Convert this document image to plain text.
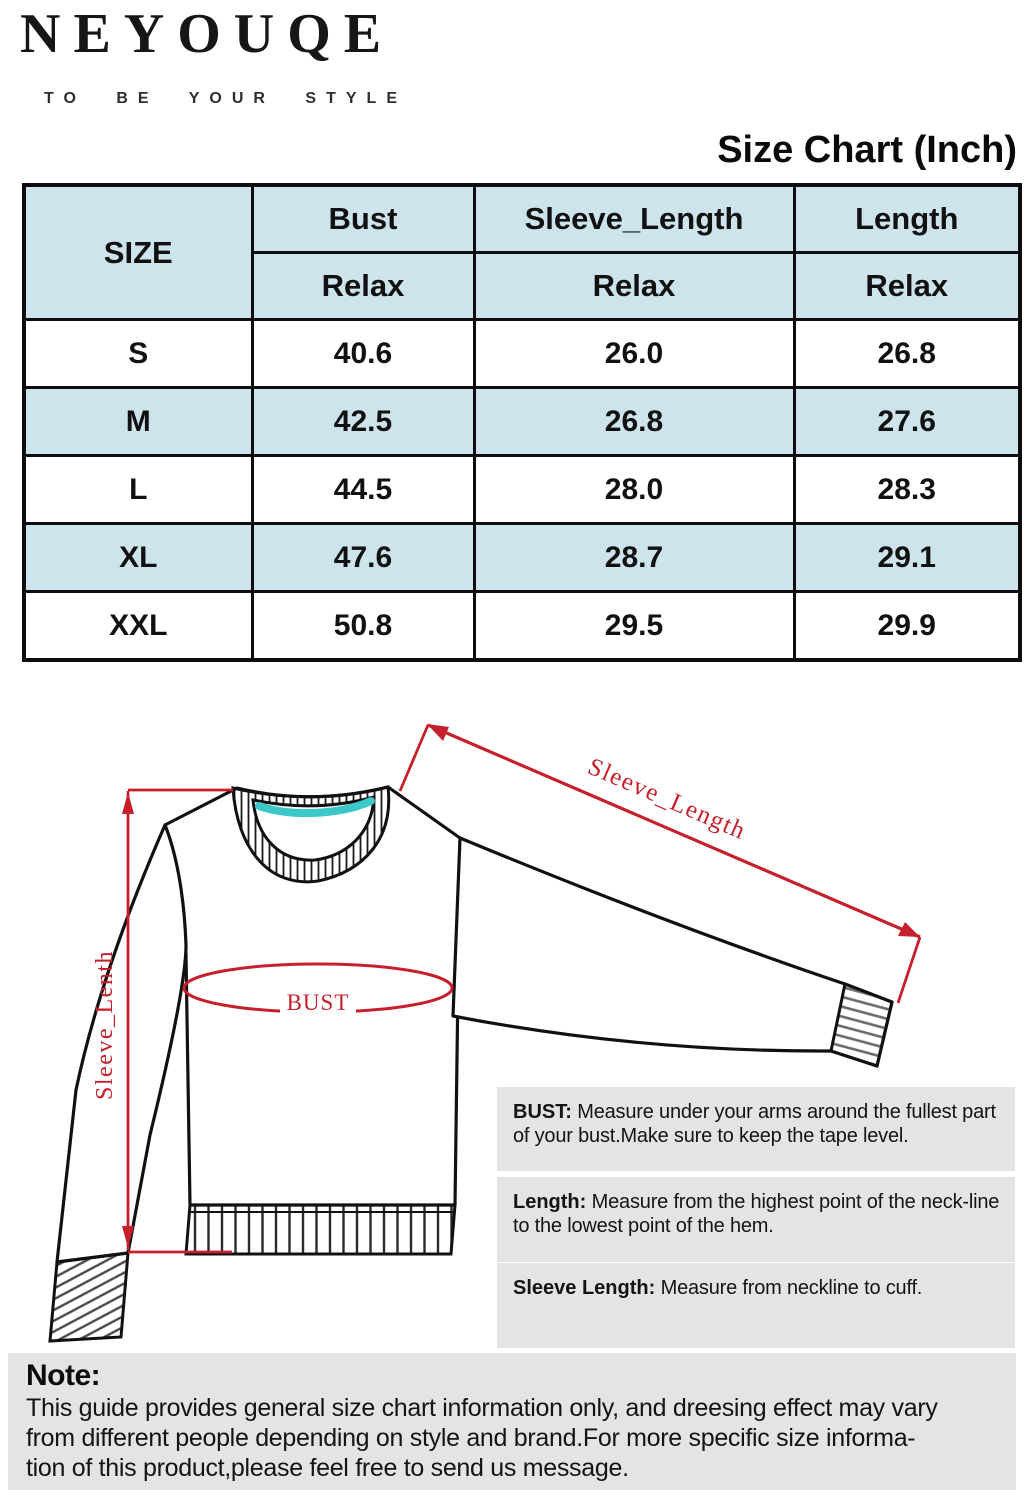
NEYOUQE
TO BE YOUR STYLE
Size Chart (Inch)
SIZE	Bust	Sleeve_Length	Length
	Relax	Relax	Relax
S	40.6	26.0	26.8
M	42.5	26.8	27.6
L	44.5	28.0	28.3
XL	47.6	28.7	29.1
XXL	50.8	29.5	29.9
Sleeve_Lenth	BUST
Sleeve_Length
BUST: Measure under your arms around the fullest part of your bust.Make sure to keep the tape level.
Length: Measure from the highest point of the neck-line to the lowest point of the hem.
Sleeve Length: Measure from neckline to cuff.
Note:
This guide provides general size chart information only, and dreesing effect may vary
from different people depending on style and brand.For more specific size informa-
tion of this product,please feel free to send us message.
